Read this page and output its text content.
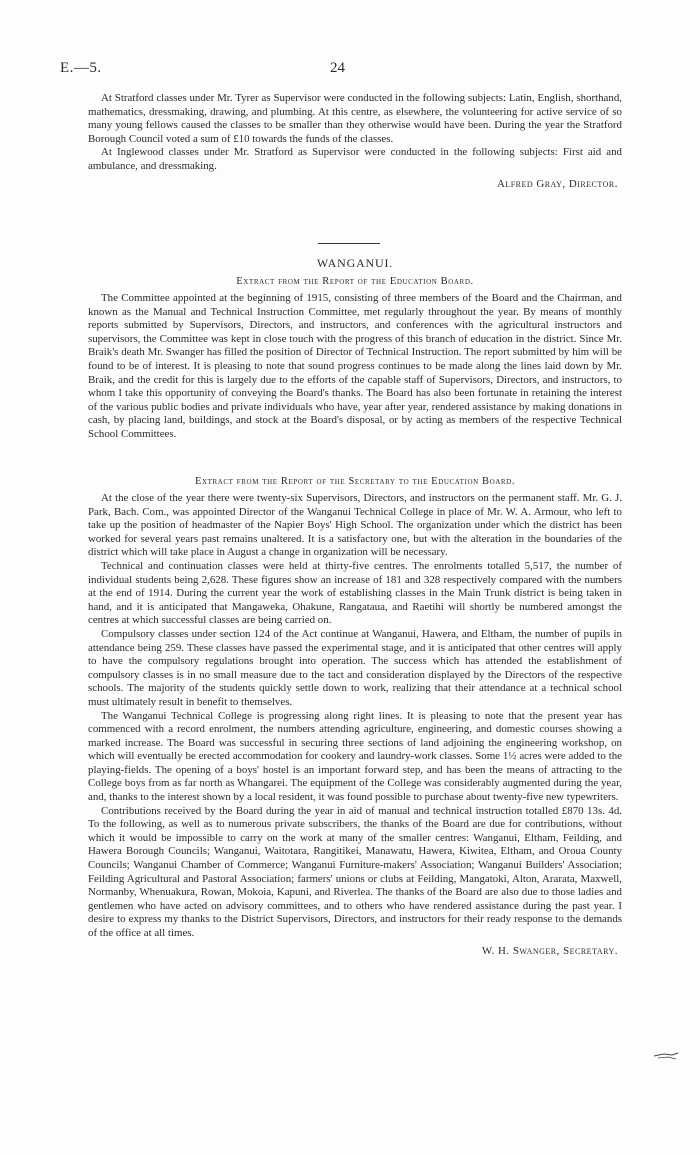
E.—5.	24

At Stratford classes under Mr. Tyrer as Supervisor were conducted in the following subjects: Latin, English, shorthand, mathematics, dressmaking, drawing, and plumbing. At this centre, as elsewhere, the volunteering for active service of so many young fellows caused the classes to be smaller than they otherwise would have been. During the year the Stratford Borough Council voted a sum of £10 towards the funds of the classes.

At Inglewood classes under Mr. Stratford as Supervisor were conducted in the following subjects: First aid and ambulance, and dressmaking.

Alfred Gray, Director.
WANGANUI.
Extract from the Report of the Education Board.

The Committee appointed at the beginning of 1915, consisting of three members of the Board and the Chairman, and known as the Manual and Technical Instruction Committee, met regularly throughout the year. By means of monthly reports submitted by Supervisors, Directors, and instructors, and conferences with the agricultural instructors and supervisors, the Committee was kept in close touch with the progress of this branch of education in the district. Since Mr. Braik's death Mr. Swanger has filled the position of Director of Technical Instruction. The report submitted by him will be found to be of interest. It is pleasing to note that sound progress continues to be made along the lines laid down by Mr. Braik, and the credit for this is largely due to the efforts of the capable staff of Supervisors, Directors, and instructors, to whom I take this opportunity of conveying the Board's thanks. The Board has also been fortunate in retaining the interest of the various public bodies and private individuals who have, year after year, rendered assistance by making donations in cash, by placing land, buildings, and stock at the Board's disposal, or by acting as members of the respective Technical School Committees.

Extract from the Report of the Secretary to the Education Board.

At the close of the year there were twenty-six Supervisors, Directors, and instructors on the permanent staff. Mr. G. J. Park, Bach. Com., was appointed Director of the Wanganui Technical College in place of Mr. W. A. Armour, who left to take up the position of headmaster of the Napier Boys' High School. The organization under which the district has been worked for several years past remains unaltered. It is a satisfactory one, but with the alteration in the boundaries of the district which will take place in August a change in organization will be necessary.

Technical and continuation classes were held at thirty-five centres. The enrolments totalled 5,517, the number of individual students being 2,628. These figures show an increase of 181 and 328 respectively compared with the numbers at the end of 1914. During the current year the work of establishing classes in the Main Trunk district is being taken in hand, and it is anticipated that Mangaweka, Ohakune, Rangataua, and Raetihi will shortly be numbered amongst the centres at which successful classes are being carried on.

Compulsory classes under section 124 of the Act continue at Wanganui, Hawera, and Eltham, the number of pupils in attendance being 259. These classes have passed the experimental stage, and it is anticipated that other centres will apply to have the compulsory regulations brought into operation. The success which has attended the establishment of compulsory classes is in no small measure due to the tact and consideration displayed by the Directors of the respective schools. The majority of the students quickly settle down to work, realizing that their attendance at a technical school must ultimately result in benefit to themselves.

The Wanganui Technical College is progressing along right lines. It is pleasing to note that the present year has commenced with a record enrolment, the numbers attending agriculture, engineering, and domestic courses showing a marked increase. The Board was successful in securing three sections of land adjoining the engineering workshop, on which will eventually be erected accommodation for cookery and laundry-work classes. Some 1½ acres were added to the playing-fields. The opening of a boys' hostel is an important forward step, and has been the means of attracting to the College boys from as far north as Whangarei. The equipment of the College was considerably augmented during the year, and, thanks to the interest shown by a local resident, it was found possible to purchase about twenty-five new typewriters.

Contributions received by the Board during the year in aid of manual and technical instruction totalled £870 13s. 4d. To the following, as well as to numerous private subscribers, the thanks of the Board are due for contributions, without which it would be impossible to carry on the work at many of the smaller centres: Wanganui, Eltham, Feilding, and Hawera Borough Councils; Wanganui, Waitotara, Rangitikei, Manawatu, Hawera, Kiwitea, Eltham, and Oroua County Councils; Wanganui Chamber of Commerce; Wanganui Furniture-makers' Association; Wanganui Builders' Association; Feilding Agricultural and Pastoral Association; farmers' unions or clubs at Feilding, Mangatoki, Alton, Ararata, Maxwell, Normanby, Whenuakura, Rowan, Mokoia, Kapuni, and Riverlea. The thanks of the Board are also due to those ladies and gentlemen who have acted on advisory committees, and to others who have rendered assistance during the past year. I desire to express my thanks to the District Supervisors, Directors, and instructors for their ready response to the demands of the office at all times.

W. H. Swanger, Secretary.
